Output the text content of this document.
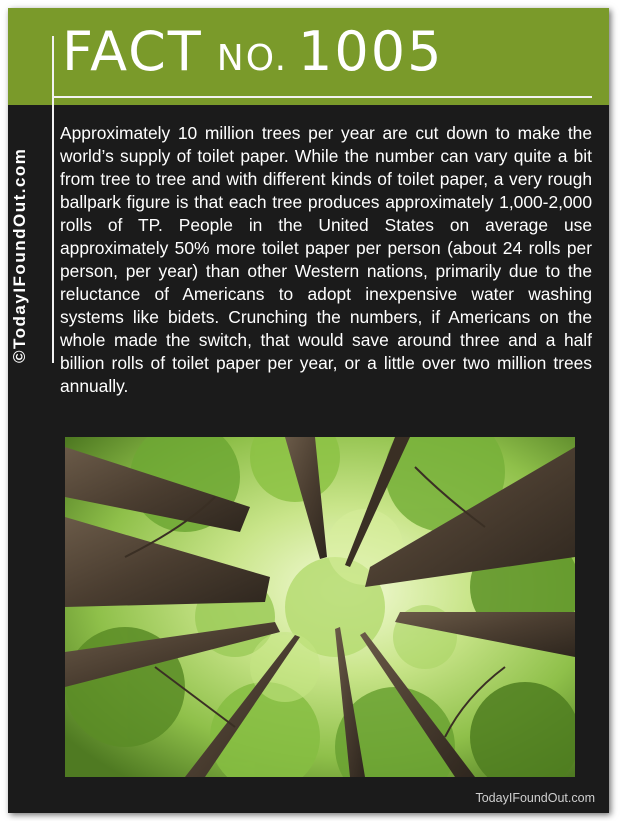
FACT NO. 1005
©TodayIFoundOut.com

Approximately 10 million trees per year are cut down to make the world’s supply of toilet paper. While the number can vary quite a bit from tree to tree and with different kinds of toilet paper, a very rough ballpark figure is that each tree produces approximately 1,000-2,000 rolls of TP. People in the United States on average use approximately 50% more toilet paper per person (about 24 rolls per person, per year) than other Western nations, primarily due to the reluctance of Americans to adopt inexpensive water washing systems like bidets. Crunching the numbers, if Americans on the whole made the switch, that would save around three and a half billion rolls of toilet paper per year, or a little over two million trees annually.

TodayIFoundOut.com
